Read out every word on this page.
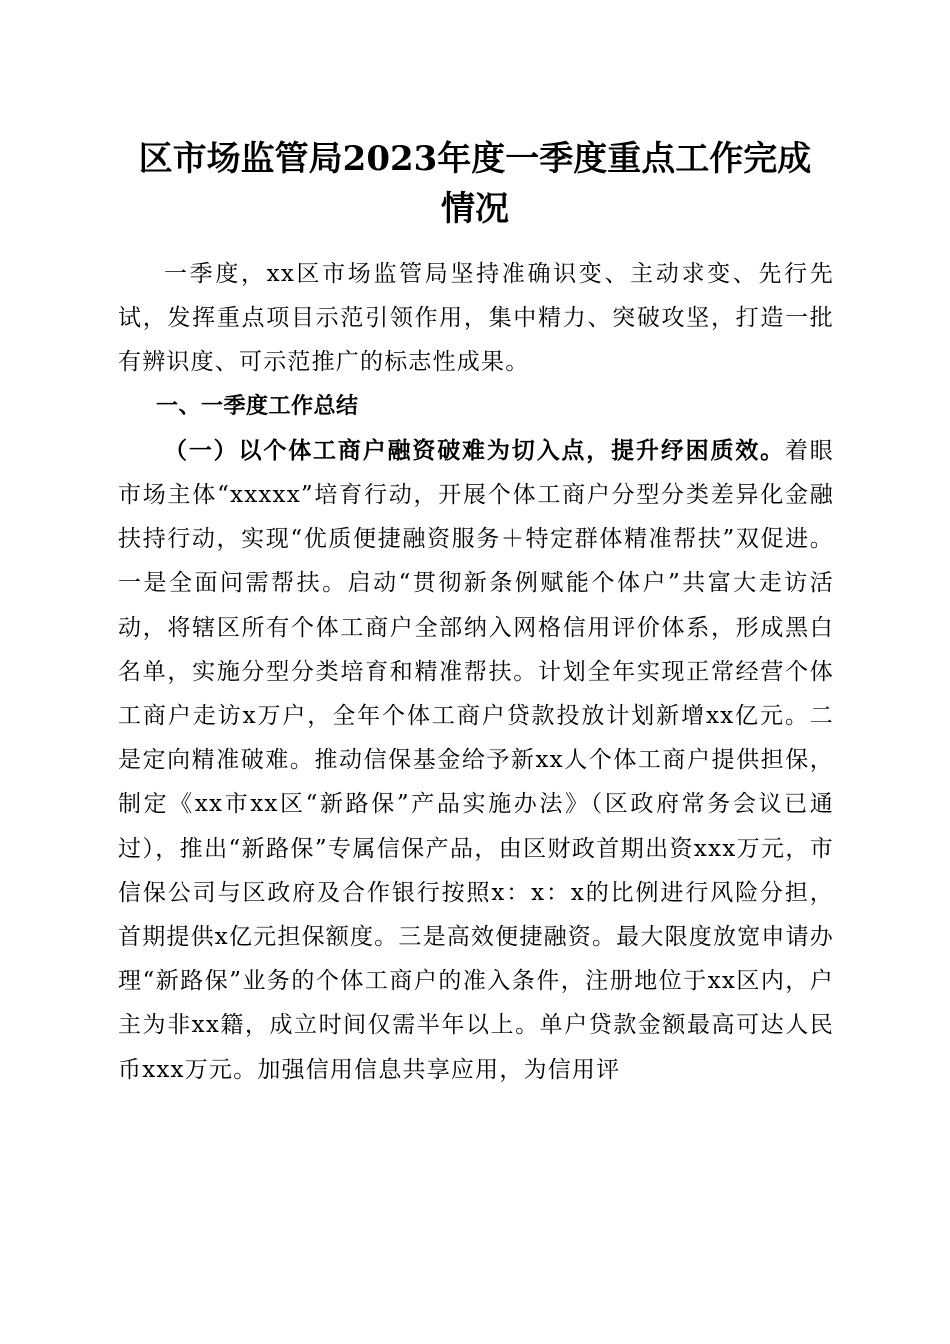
区市场监管局2023年度一季度重点工作完成
情况

一季度，xx区市场监管局坚持准确识变、主动求变、先行先试，发挥重点项目示范引领作用，集中精力、突破攻坚，打造一批有辨识度、可示范推广的标志性成果。

一、一季度工作总结

（一）以个体工商户融资破难为切入点，提升纾困质效。着眼市场主体“xxxxx”培育行动，开展个体工商户分型分类差异化金融扶持行动，实现“优质便捷融资服务＋特定群体精准帮扶”双促进。一是全面问需帮扶。启动“贯彻新条例赋能个体户”共富大走访活动，将辖区所有个体工商户全部纳入网格信用评价体系，形成黑白名单，实施分型分类培育和精准帮扶。计划全年实现正常经营个体工商户走访x万户，全年个体工商户贷款投放计划新增xx亿元。二是定向精准破难。推动信保基金给予新xx人个体工商户提供担保，制定《xx市xx区“新路保”产品实施办法》（区政府常务会议已通过），推出“新路保”专属信保产品，由区财政首期出资xxx万元，市信保公司与区政府及合作银行按照x：x：x的比例进行风险分担，首期提供x亿元担保额度。三是高效便捷融资。最大限度放宽申请办理“新路保”业务的个体工商户的准入条件，注册地位于xx区内，户主为非xx籍，成立时间仅需半年以上。单户贷款金额最高可达人民币xxx万元。加强信用信息共享应用，为信用评
